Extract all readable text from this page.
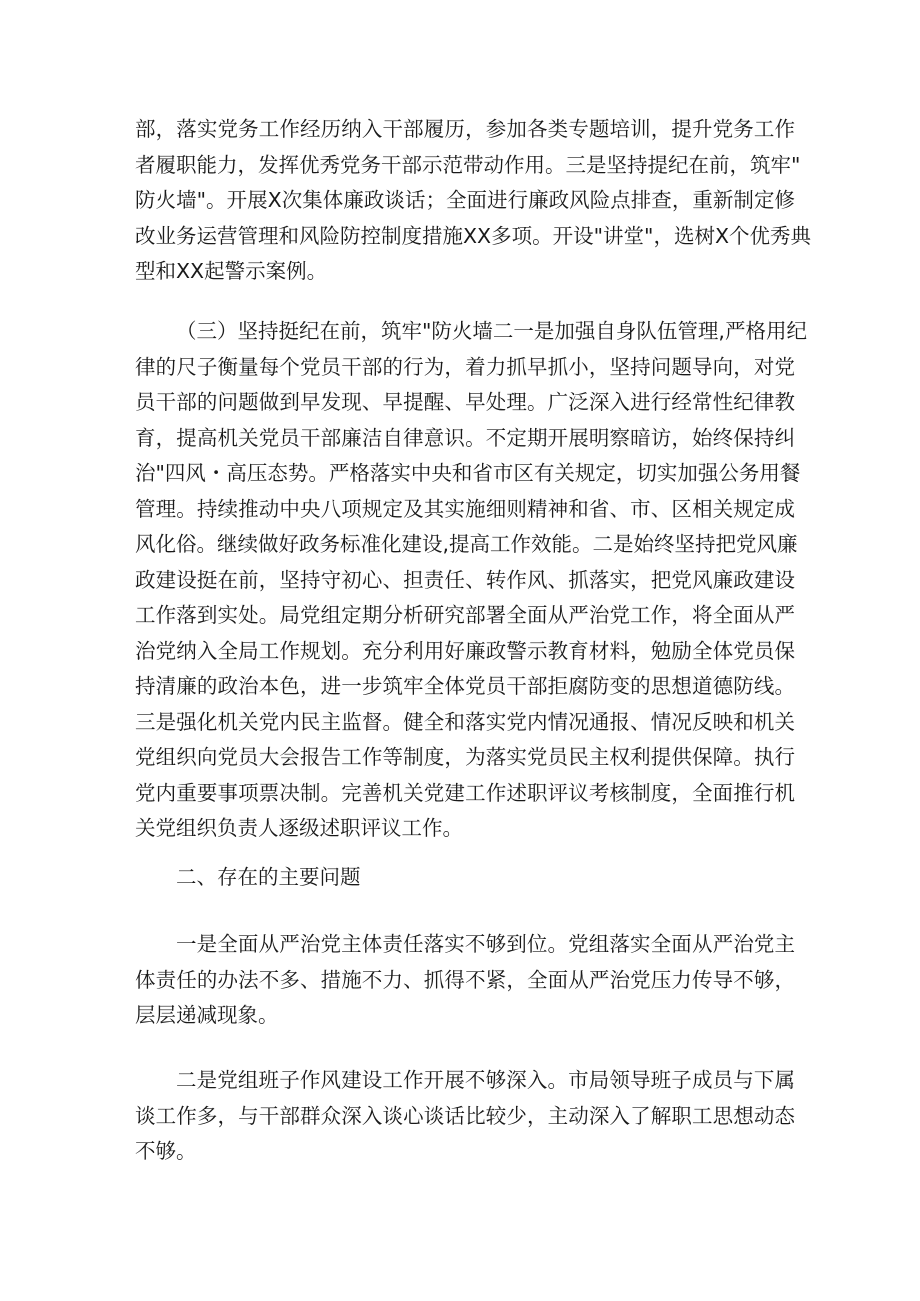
部，落实党务工作经历纳入干部履历，参加各类专题培训，提升党务工作
者履职能力，发挥优秀党务干部示范带动作用。三是坚持提纪在前，筑牢"
防火墙"。开展X次集体廉政谈话；全面进行廉政风险点排查，重新制定修
改业务运营管理和风险防控制度措施XX多项。开设"讲堂"，选树X个优秀典
型和XX起警示案例。
（三）坚持挺纪在前，筑牢"防火墙二一是加强自身队伍管理,严格用纪
律的尺子衡量每个党员干部的行为，着力抓早抓小，坚持问题导向，对党
员干部的问题做到早发现、早提醒、早处理。广泛深入进行经常性纪律教
育，提高机关党员干部廉洁自律意识。不定期开展明察暗访，始终保持纠
治"四风・高压态势。严格落实中央和省市区有关规定，切实加强公务用餐
管理。持续推动中央八项规定及其实施细则精神和省、市、区相关规定成
风化俗。继续做好政务标准化建设,提高工作效能。二是始终坚持把党风廉
政建设挺在前，坚持守初心、担责任、转作风、抓落实，把党风廉政建设
工作落到实处。局党组定期分析研究部署全面从严治党工作，将全面从严
治党纳入全局工作规划。充分利用好廉政警示教育材料，勉励全体党员保
持清廉的政治本色，进一步筑牢全体党员干部拒腐防变的思想道德防线。
三是强化机关党内民主监督。健全和落实党内情况通报、情况反映和机关
党组织向党员大会报告工作等制度，为落实党员民主权利提供保障。执行
党内重要事项票决制。完善机关党建工作述职评议考核制度，全面推行机
关党组织负责人逐级述职评议工作。
二、存在的主要问题
一是全面从严治党主体责任落实不够到位。党组落实全面从严治党主
体责任的办法不多、措施不力、抓得不紧，全面从严治党压力传导不够，
层层递减现象。
二是党组班子作风建设工作开展不够深入。市局领导班子成员与下属
谈工作多，与干部群众深入谈心谈话比较少，主动深入了解职工思想动态
不够。
